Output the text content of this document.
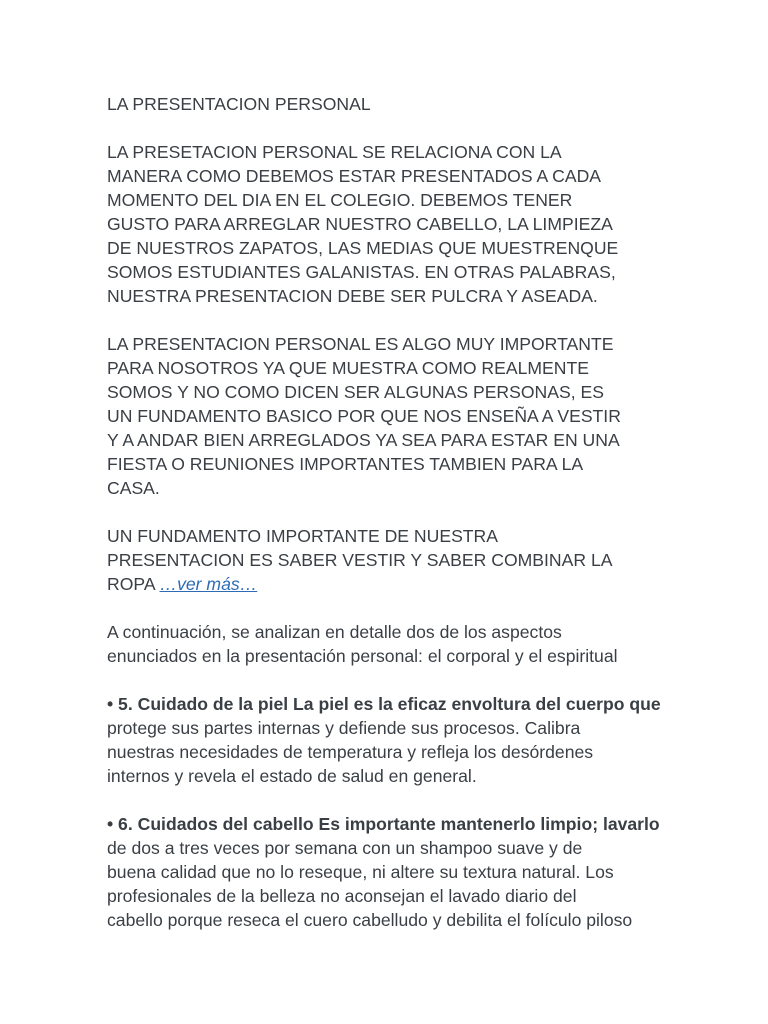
LA PRESENTACION PERSONAL
LA PRESETACION PERSONAL SE RELACIONA CON LA
MANERA COMO DEBEMOS ESTAR PRESENTADOS A CADA
MOMENTO DEL DIA EN EL COLEGIO. DEBEMOS TENER
GUSTO PARA ARREGLAR NUESTRO CABELLO, LA LIMPIEZA
DE NUESTROS ZAPATOS, LAS MEDIAS QUE MUESTRENQUE
SOMOS ESTUDIANTES GALANISTAS. EN OTRAS PALABRAS,
NUESTRA PRESENTACION DEBE SER PULCRA Y ASEADA.
LA PRESENTACION PERSONAL ES ALGO MUY IMPORTANTE
PARA NOSOTROS YA QUE MUESTRA COMO REALMENTE
SOMOS Y NO COMO DICEN SER ALGUNAS PERSONAS, ES
UN FUNDAMENTO BASICO POR QUE NOS ENSEÑA A VESTIR
Y A ANDAR BIEN ARREGLADOS YA SEA PARA ESTAR EN UNA
FIESTA O REUNIONES IMPORTANTES TAMBIEN PARA LA
CASA.
UN FUNDAMENTO IMPORTANTE DE NUESTRA
PRESENTACION ES SABER VESTIR Y SABER COMBINAR LA
ROPA …ver más…
A continuación, se analizan en detalle dos de los aspectos
enunciados en la presentación personal: el corporal y el espiritual
• 5. Cuidado de la piel La piel es la eficaz envoltura del cuerpo que
protege sus partes internas y defiende sus procesos. Calibra
nuestras necesidades de temperatura y refleja los desórdenes
internos y revela el estado de salud en general.
• 6. Cuidados del cabello Es importante mantenerlo limpio; lavarlo
de dos a tres veces por semana con un shampoo suave y de
buena calidad que no lo reseque, ni altere su textura natural. Los
profesionales de la belleza no aconsejan el lavado diario del
cabello porque reseca el cuero cabelludo y debilita el folículo piloso
